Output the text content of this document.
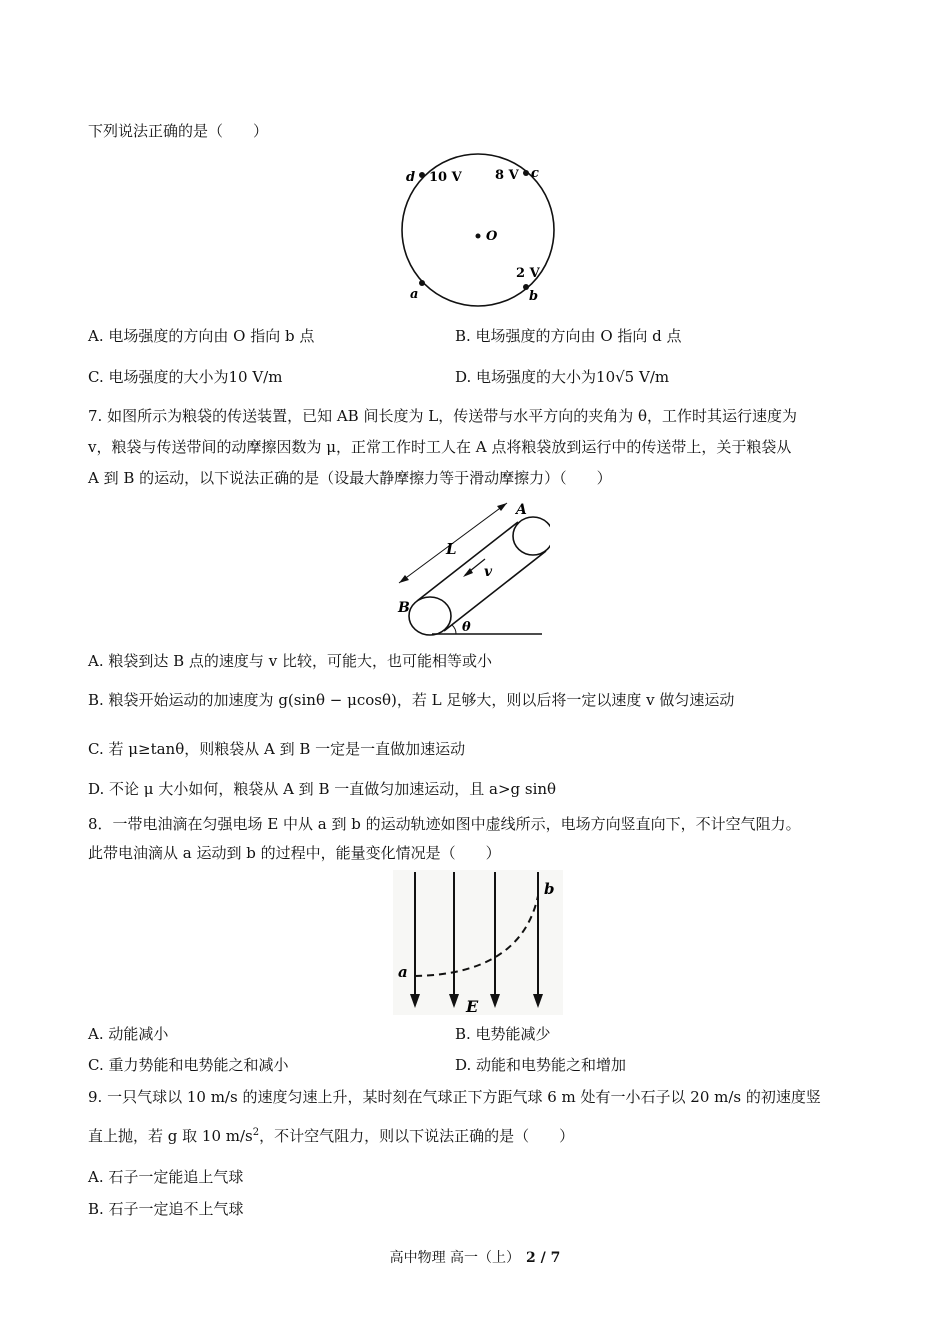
下列说法正确的是（　　）
d 10 V	8 V c
O
2 V
a	b
A. 电场强度的方向由 O 指向 b 点	B. 电场强度的方向由 O 指向 d 点
C. 电场强度的大小为10 V/m	D. 电场强度的大小为10√5 V/m
7. 如图所示为粮袋的传送装置，已知 AB 间长度为 L，传送带与水平方向的夹角为 θ，工作时其运行速度为
v，粮袋与传送带间的动摩擦因数为 μ，正常工作时工人在 A 点将粮袋放到运行中的传送带上，关于粮袋从
A 到 B 的运动，以下说法正确的是（设最大静摩擦力等于滑动摩擦力）（　　）
B
A
L
v
θ
A. 粮袋到达 B 点的速度与 v 比较，可能大，也可能相等或小
B. 粮袋开始运动的加速度为 g(sinθ − μcosθ)，若 L 足够大，则以后将一定以速度 v 做匀速运动
C. 若 μ≥tanθ，则粮袋从 A 到 B 一定是一直做加速运动
D. 不论 μ 大小如何，粮袋从 A 到 B 一直做匀加速运动，且 a>g sinθ
8．一带电油滴在匀强电场 E 中从 a 到 b 的运动轨迹如图中虚线所示，电场方向竖直向下，不计空气阻力。
此带电油滴从 a 运动到 b 的过程中，能量变化情况是（　　）
a
b
E
A. 动能减小	B. 电势能减少
C. 重力势能和电势能之和减小	D. 动能和电势能之和增加
9. 一只气球以 10 m/s 的速度匀速上升，某时刻在气球正下方距气球 6 m 处有一小石子以 20 m/s 的初速度竖
直上抛，若 g 取 10 $m/s^2$，不计空气阻力，则以下说法正确的是（　　）
A. 石子一定能追上气球
B. 石子一定追不上气球
高中物理 高一（上） 2 / 7
